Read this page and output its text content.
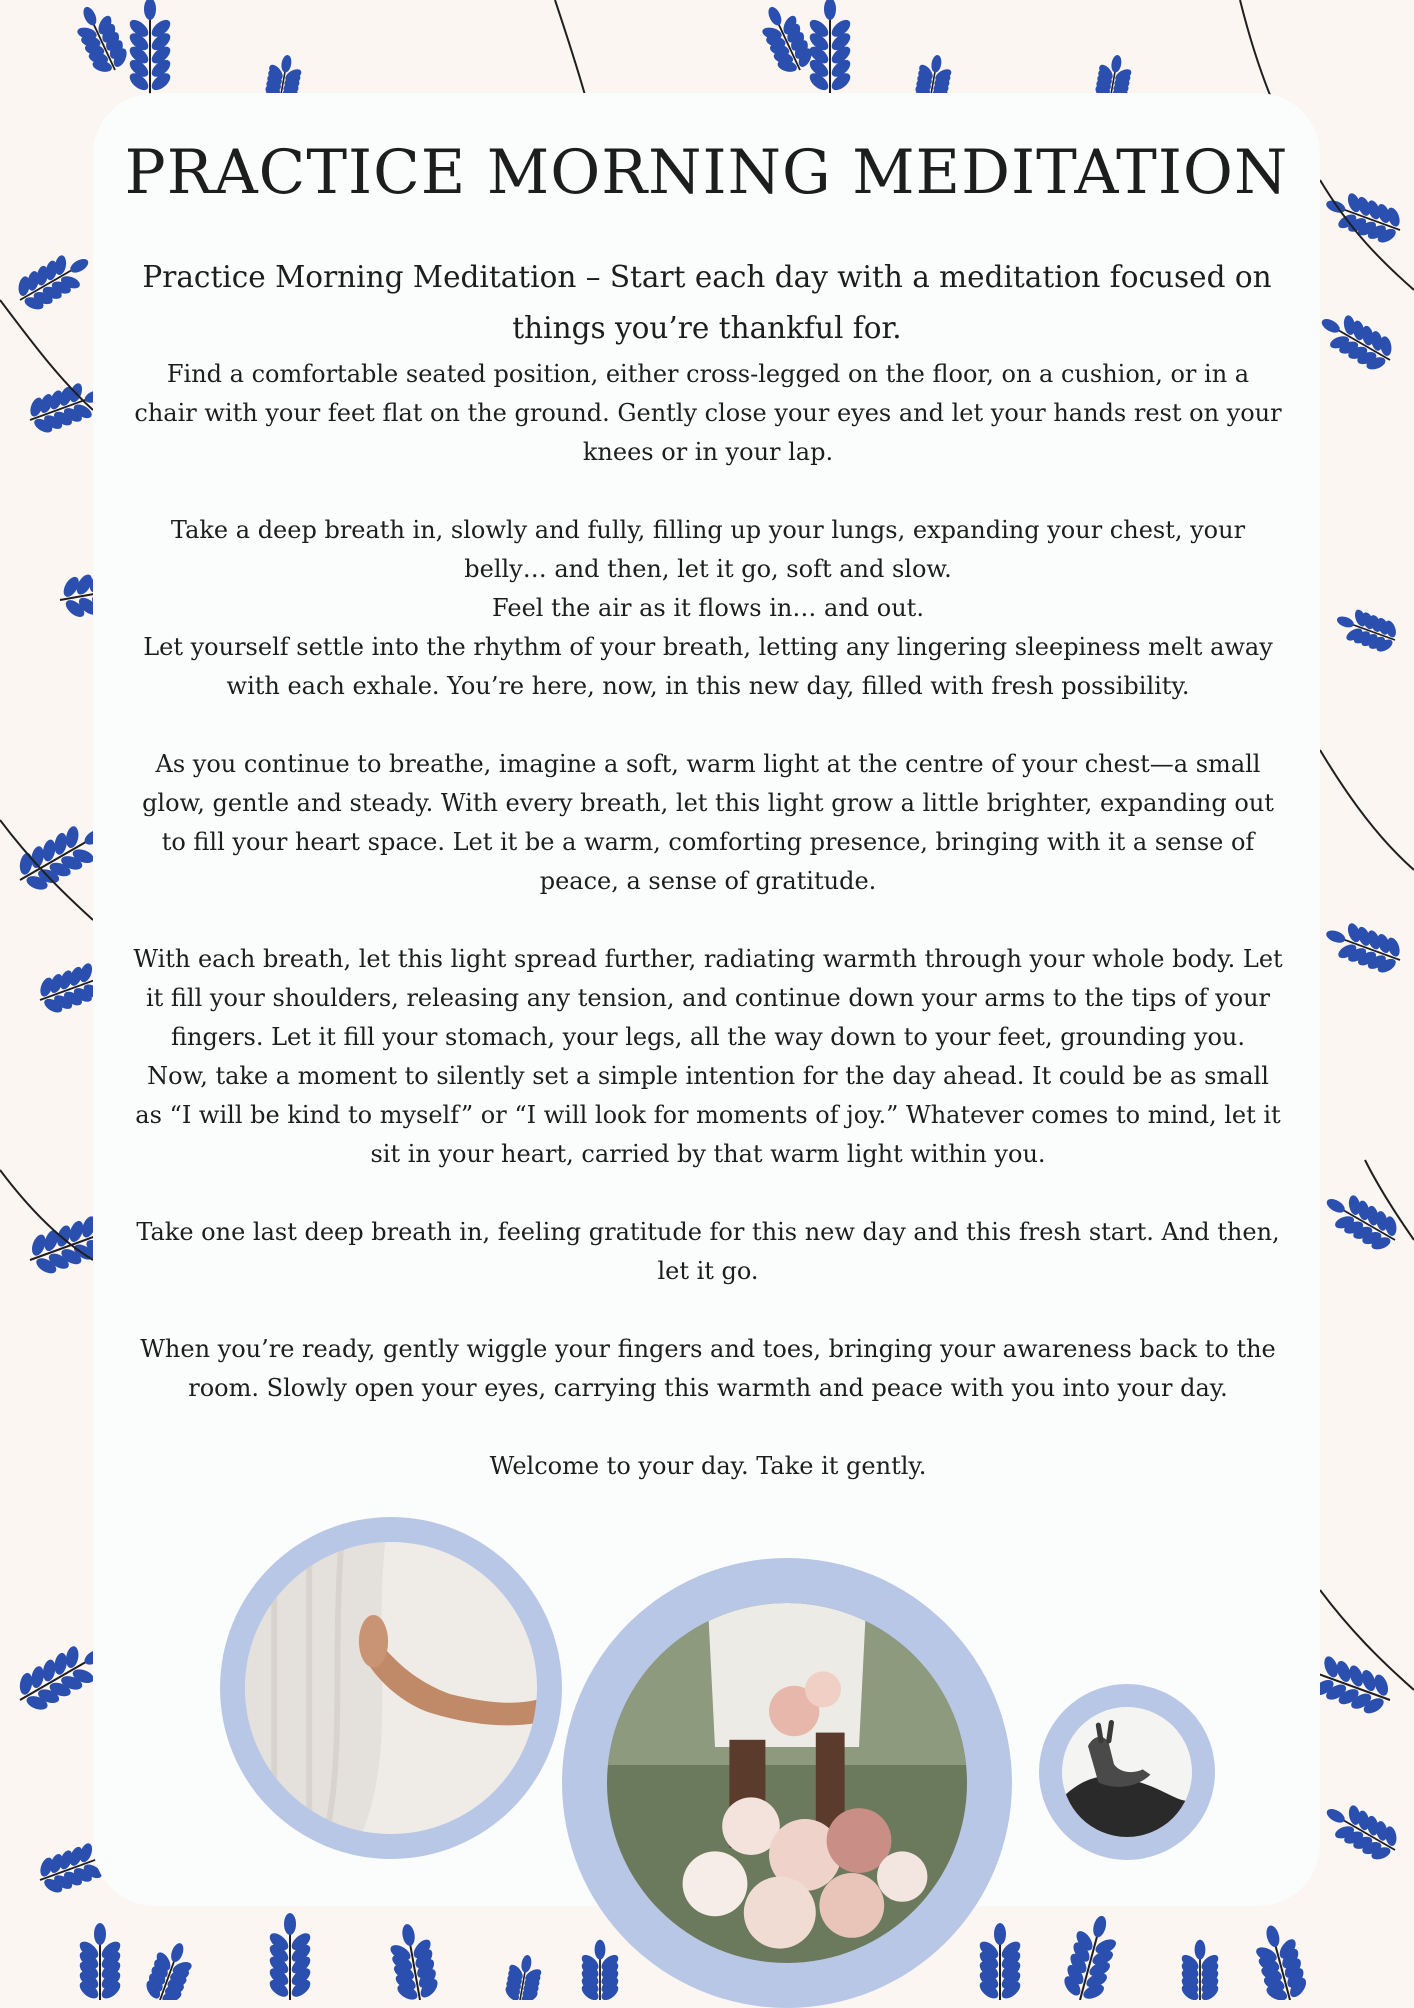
PRACTICE MORNING MEDITATION

Practice Morning Meditation – Start each day with a meditation focused on things you’re thankful for.

Find a comfortable seated position, either cross-legged on the floor, on a cushion, or in a chair with your feet flat on the ground. Gently close your eyes and let your hands rest on your knees or in your lap.

Take a deep breath in, slowly and fully, filling up your lungs, expanding your chest, your belly… and then, let it go, soft and slow.

Feel the air as it flows in… and out.

Let yourself settle into the rhythm of your breath, letting any lingering sleepiness melt away with each exhale. You’re here, now, in this new day, filled with fresh possibility.

As you continue to breathe, imagine a soft, warm light at the centre of your chest—a small glow, gentle and steady. With every breath, let this light grow a little brighter, expanding out to fill your heart space. Let it be a warm, comforting presence, bringing with it a sense of peace, a sense of gratitude.

With each breath, let this light spread further, radiating warmth through your whole body. Let it fill your shoulders, releasing any tension, and continue down your arms to the tips of your fingers. Let it fill your stomach, your legs, all the way down to your feet, grounding you.

Now, take a moment to silently set a simple intention for the day ahead. It could be as small as “I will be kind to myself” or “I will look for moments of joy.” Whatever comes to mind, let it sit in your heart, carried by that warm light within you.

Take one last deep breath in, feeling gratitude for this new day and this fresh start. And then, let it go.

When you’re ready, gently wiggle your fingers and toes, bringing your awareness back to the room. Slowly open your eyes, carrying this warmth and peace with you into your day.

Welcome to your day. Take it gently.
